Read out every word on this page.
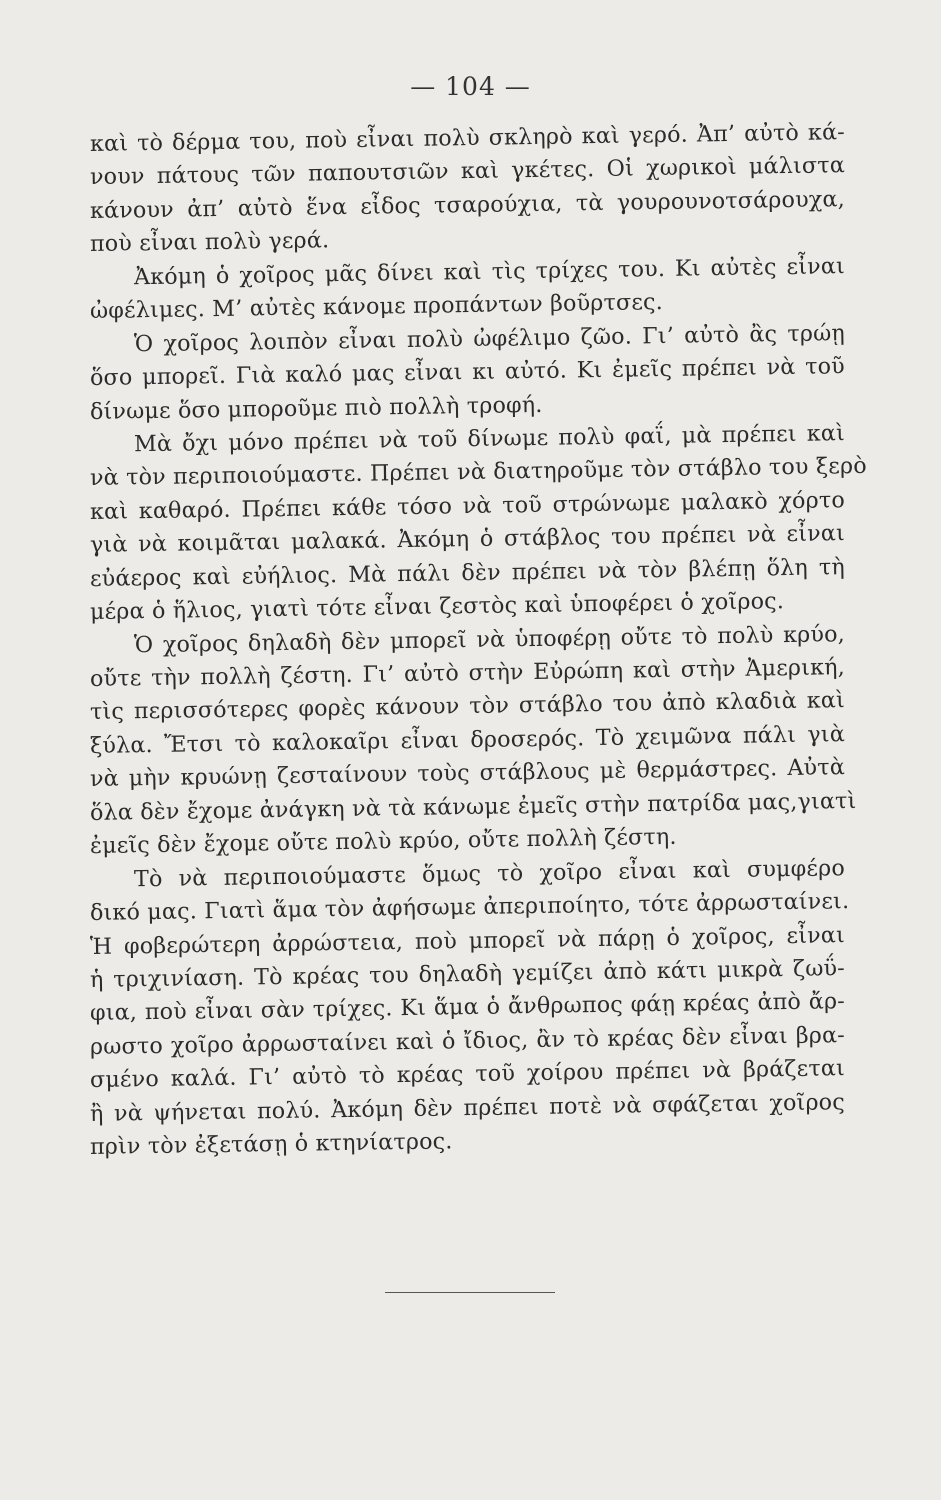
— 104 —
καὶ τὸ δέρμα του, ποὺ εἶναι πολὺ σκληρὸ καὶ γερό. Ἀπ’ αὐτὸ κά-
νουν πάτους τῶν παπουτσιῶν καὶ γκέτες. Οἱ χωρικοὶ μάλιστα
κάνουν ἀπ’ αὐτὸ ἕνα εἶδος τσαρούχια, τὰ γουρουνοτσάρουχα,
ποὺ εἶναι πολὺ γερά.
Ἀκόμη ὁ χοῖρος μᾶς δίνει καὶ τὶς τρίχες του. Κι αὐτὲς εἶναι
ὠφέλιμες. Μ’ αὐτὲς κάνομε προπάντων βοῦρτσες.
Ὁ χοῖρος λοιπὸν εἶναι πολὺ ὠφέλιμο ζῶο. Γι’ αὐτὸ ἂς τρώῃ
ὅσο μπορεῖ. Γιὰ καλό μας εἶναι κι αὐτό. Κι ἐμεῖς πρέπει νὰ τοῦ
δίνωμε ὅσο μποροῦμε πιὸ πολλὴ τροφή.
Μὰ ὄχι μόνο πρέπει νὰ τοῦ δίνωμε πολὺ φαΐ, μὰ πρέπει καὶ
νὰ τὸν περιποιούμαστε. Πρέπει νὰ διατηροῦμε τὸν στάβλο του ξερὸ
καὶ καθαρό. Πρέπει κάθε τόσο νὰ τοῦ στρώνωμε μαλακὸ χόρτο
γιὰ νὰ κοιμᾶται μαλακά. Ἀκόμη ὁ στάβλος του πρέπει νὰ εἶναι
εὐάερος καὶ εὐήλιος. Μὰ πάλι δὲν πρέπει νὰ τὸν βλέπῃ ὅλη τὴ
μέρα ὁ ἥλιος, γιατὶ τότε εἶναι ζεστὸς καὶ ὑποφέρει ὁ χοῖρος.
Ὁ χοῖρος δηλαδὴ δὲν μπορεῖ νὰ ὑποφέρῃ οὔτε τὸ πολὺ κρύο,
οὔτε τὴν πολλὴ ζέστη. Γι’ αὐτὸ στὴν Εὐρώπη καὶ στὴν Ἀμερική,
τὶς περισσότερες φορὲς κάνουν τὸν στάβλο του ἀπὸ κλαδιὰ καὶ
ξύλα. Ἔτσι τὸ καλοκαῖρι εἶναι δροσερός. Τὸ χειμῶνα πάλι γιὰ
νὰ μὴν κρυώνῃ ζεσταίνουν τοὺς στάβλους μὲ θερμάστρες. Αὐτὰ
ὅλα δὲν ἔχομε ἀνάγκη νὰ τὰ κάνωμε ἐμεῖς στὴν πατρίδα μας,γιατὶ
ἐμεῖς δὲν ἔχομε οὔτε πολὺ κρύο, οὔτε πολλὴ ζέστη.
Τὸ νὰ περιποιούμαστε ὅμως τὸ χοῖρο εἶναι καὶ συμφέρο
δικό μας. Γιατὶ ἅμα τὸν ἀφήσωμε ἀπεριποίητο, τότε ἀρρωσταίνει.
Ἡ φοβερώτερη ἀρρώστεια, ποὺ μπορεῖ νὰ πάρῃ ὁ χοῖρος, εἶναι
ἡ τριχινίαση. Τὸ κρέας του δηλαδὴ γεμίζει ἀπὸ κάτι μικρὰ ζωΰ-
φια, ποὺ εἶναι σὰν τρίχες. Κι ἅμα ὁ ἄνθρωπος φάῃ κρέας ἀπὸ ἄρ-
ρωστο χοῖρο ἀρρωσταίνει καὶ ὁ ἴδιος, ἂν τὸ κρέας δὲν εἶναι βρα-
σμένο καλά. Γι’ αὐτὸ τὸ κρέας τοῦ χοίρου πρέπει νὰ βράζεται
ἢ νὰ ψήνεται πολύ. Ἀκόμη δὲν πρέπει ποτὲ νὰ σφάζεται χοῖρος
πρὶν τὸν ἐξετάσῃ ὁ κτηνίατρος.
